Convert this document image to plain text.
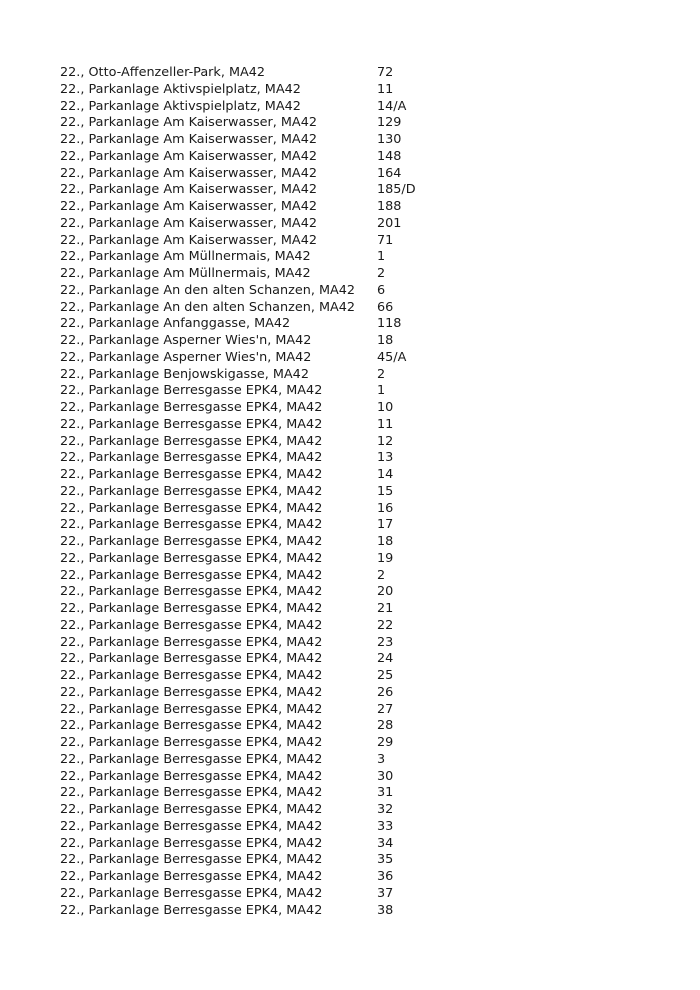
22., Otto-Affenzeller-Park, MA42	72
22., Parkanlage Aktivspielplatz, MA42	11
22., Parkanlage Aktivspielplatz, MA42	14/A
22., Parkanlage Am Kaiserwasser, MA42	129
22., Parkanlage Am Kaiserwasser, MA42	130
22., Parkanlage Am Kaiserwasser, MA42	148
22., Parkanlage Am Kaiserwasser, MA42	164
22., Parkanlage Am Kaiserwasser, MA42	185/D
22., Parkanlage Am Kaiserwasser, MA42	188
22., Parkanlage Am Kaiserwasser, MA42	201
22., Parkanlage Am Kaiserwasser, MA42	71
22., Parkanlage Am Müllnermais, MA42	1
22., Parkanlage Am Müllnermais, MA42	2
22., Parkanlage An den alten Schanzen, MA42 6
22., Parkanlage An den alten Schanzen, MA42 66
22., Parkanlage Anfanggasse, MA42	118
22., Parkanlage Asperner Wies'n, MA42	18
22., Parkanlage Asperner Wies'n, MA42	45/A
22., Parkanlage Benjowskigasse, MA42	2
22., Parkanlage Berresgasse EPK4, MA42	1
22., Parkanlage Berresgasse EPK4, MA42	10
22., Parkanlage Berresgasse EPK4, MA42	11
22., Parkanlage Berresgasse EPK4, MA42	12
22., Parkanlage Berresgasse EPK4, MA42	13
22., Parkanlage Berresgasse EPK4, MA42	14
22., Parkanlage Berresgasse EPK4, MA42	15
22., Parkanlage Berresgasse EPK4, MA42	16
22., Parkanlage Berresgasse EPK4, MA42	17
22., Parkanlage Berresgasse EPK4, MA42	18
22., Parkanlage Berresgasse EPK4, MA42	19
22., Parkanlage Berresgasse EPK4, MA42	2
22., Parkanlage Berresgasse EPK4, MA42	20
22., Parkanlage Berresgasse EPK4, MA42	21
22., Parkanlage Berresgasse EPK4, MA42	22
22., Parkanlage Berresgasse EPK4, MA42	23
22., Parkanlage Berresgasse EPK4, MA42	24
22., Parkanlage Berresgasse EPK4, MA42	25
22., Parkanlage Berresgasse EPK4, MA42	26
22., Parkanlage Berresgasse EPK4, MA42	27
22., Parkanlage Berresgasse EPK4, MA42	28
22., Parkanlage Berresgasse EPK4, MA42	29
22., Parkanlage Berresgasse EPK4, MA42	3
22., Parkanlage Berresgasse EPK4, MA42	30
22., Parkanlage Berresgasse EPK4, MA42	31
22., Parkanlage Berresgasse EPK4, MA42	32
22., Parkanlage Berresgasse EPK4, MA42	33
22., Parkanlage Berresgasse EPK4, MA42	34
22., Parkanlage Berresgasse EPK4, MA42	35
22., Parkanlage Berresgasse EPK4, MA42	36
22., Parkanlage Berresgasse EPK4, MA42	37
22., Parkanlage Berresgasse EPK4, MA42	38
